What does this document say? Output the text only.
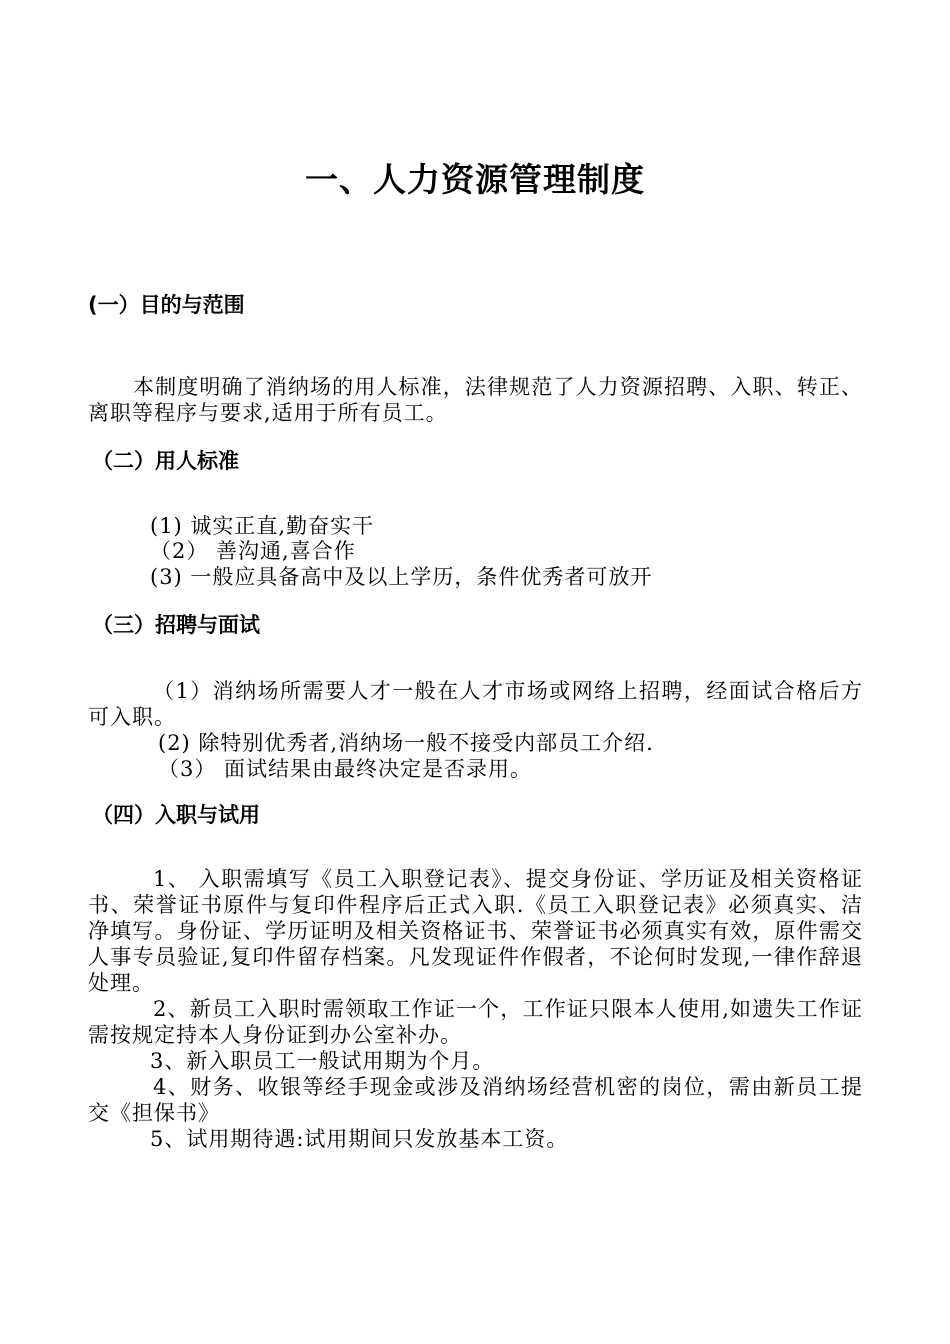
一、人力资源管理制度
(一）目的与范围
本制度明确了消纳场的用人标准，法律规范了人力资源招聘、入职、转正、离职等程序与要求,适用于所有员工。
（二）用人标准
(1) 诚实正直,勤奋实干
（2） 善沟通,喜合作
(3) 一般应具备高中及以上学历，条件优秀者可放开
（三）招聘与面试
（1）消纳场所需要人才一般在人才市场或网络上招聘，经面试合格后方可入职。
(2) 除特别优秀者,消纳场一般不接受内部员工介绍.
（3） 面试结果由最终决定是否录用。
（四）入职与试用
1、 入职需填写《员工入职登记表》、提交身份证、学历证及相关资格证书、荣誉证书原件与复印件程序后正式入职.《员工入职登记表》必须真实、洁净填写。身份证、学历证明及相关资格证书、荣誉证书必须真实有效，原件需交人事专员验证,复印件留存档案。凡发现证件作假者，不论何时发现,一律作辞退处理。
2、新员工入职时需领取工作证一个，工作证只限本人使用,如遗失工作证需按规定持本人身份证到办公室补办。
3、新入职员工一般试用期为个月。
4、财务、收银等经手现金或涉及消纳场经营机密的岗位，需由新员工提交《担保书》
5、试用期待遇:试用期间只发放基本工资。
